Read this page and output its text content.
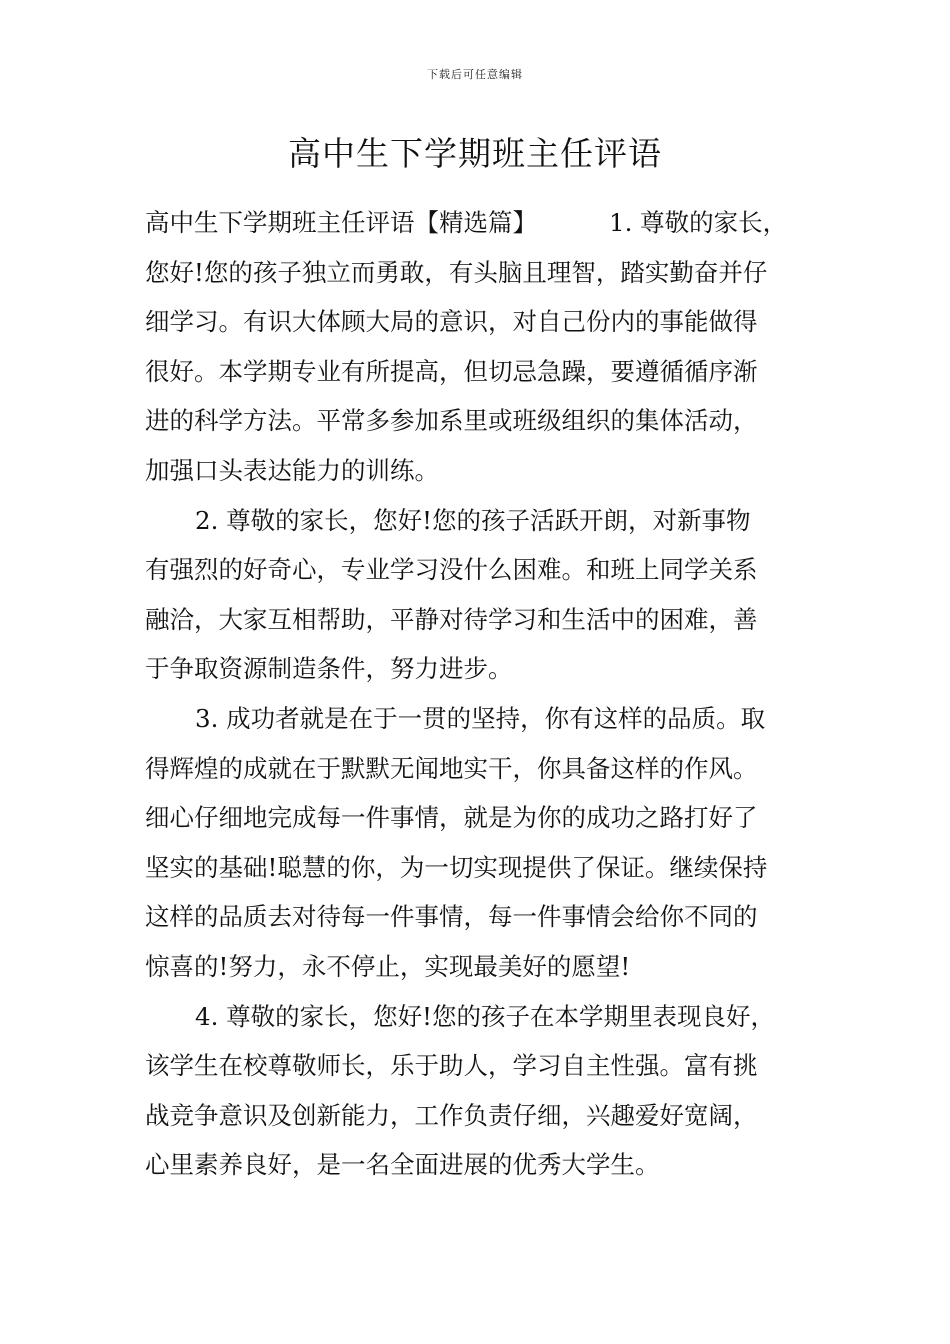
下载后可任意编辑
高中生下学期班主任评语
高中生下学期班主任评语【精选篇】	1. 尊敬的家长，
您好!您的孩子独立而勇敢，有头脑且理智，踏实勤奋并仔
细学习。有识大体顾大局的意识，对自己份内的事能做得
很好。本学期专业有所提高，但切忌急躁，要遵循循序渐
进的科学方法。平常多参加系里或班级组织的集体活动，
加强口头表达能力的训练。
2. 尊敬的家长，您好!您的孩子活跃开朗，对新事物
有强烈的好奇心，专业学习没什么困难。和班上同学关系
融洽，大家互相帮助，平静对待学习和生活中的困难，善
于争取资源制造条件，努力进步。
3. 成功者就是在于一贯的坚持，你有这样的品质。取
得辉煌的成就在于默默无闻地实干，你具备这样的作风。
细心仔细地完成每一件事情，就是为你的成功之路打好了
坚实的基础!聪慧的你，为一切实现提供了保证。继续保持
这样的品质去对待每一件事情，每一件事情会给你不同的
惊喜的!努力，永不停止，实现最美好的愿望!
4. 尊敬的家长，您好!您的孩子在本学期里表现良好，
该学生在校尊敬师长，乐于助人，学习自主性强。富有挑
战竞争意识及创新能力，工作负责仔细，兴趣爱好宽阔，
心里素养良好，是一名全面进展的优秀大学生。
